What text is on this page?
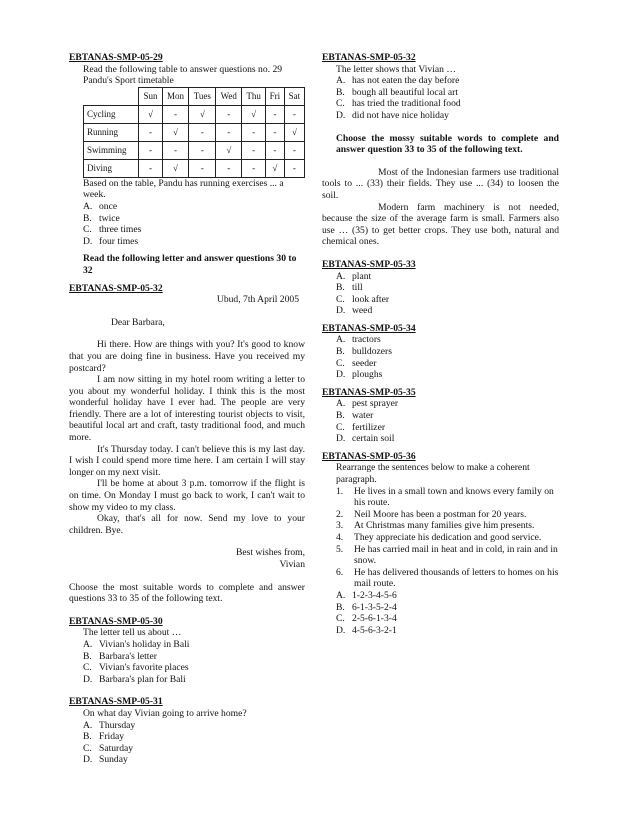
EBTANAS-SMP-05-29

Read the following table to answer questions no. 29

Pandu's Sport timetable

	Sun	Mon	Tues	Wed	Thu	Fri	Sat
Cycling	√	-	√	-	√	-	-
Running	-	√	-	-	-	-	√
Swimming	-	-	-	√	-	-	-
Diving	-	√	-	-	-	√	-

Based on the table, Pandu has running exercises ... a week.

A. once
B. twice
C. three times
D. four times

Read the following letter and answer questions 30 to 32

EBTANAS-SMP-05-32

Ubud, 7th April 2005

Dear Barbara,

Hi there. How are things with you? It's good to know that you are doing fine in business. Have you received my postcard?

I am now sitting in my hotel room writing a letter to you about my wonderful holiday. I think this is the most wonderful holiday have I ever had. The people are very friendly. There are a lot of interesting tourist objects to visit, beautiful local art and craft, tasty traditional food, and much more.

It's Thursday today. I can't believe this is my last day. I wish I could spend more time here. I am certain I will stay longer on my next visit.

I'll be home at about 3 p.m. tomorrow if the flight is on time. On Monday I must go back to work, I can't wait to show my video to my class.

Okay, that's all for now. Send my love to your children. Bye.

Best wishes from,

Vivian

Choose the most suitable words to complete and answer questions 33 to 35 of the following text.

EBTANAS-SMP-05-30

The letter tell us about …

A. Vivian's holiday in Bali
B. Barbara's letter
C. Vivian's favorite places
D. Barbara's plan for Bali

EBTANAS-SMP-05-31

On what day Vivian going to arrive home?

A. Thursday
B. Friday
C. Saturday
D. Sunday

EBTANAS-SMP-05-32

The letter shows that Vivian …

A. has not eaten the day before
B. bough all beautiful local art
C. has tried the traditional food
D. did not have nice holiday

Choose the mossy suitable words to complete and answer question 33 to 35 of the following text.

Most of the Indonesian farmers use traditional tools to ... (33) their fields. They use ... (34) to loosen the soil.

Modern farm machinery is not needed, because the size of the average farm is small. Farmers also use … (35) to get better crops. They use both, natural and chemical ones.

EBTANAS-SMP-05-33

A. plant
B. till
C. look after
D. weed

EBTANAS-SMP-05-34

A. tractors
B. bulldozers
C. seeder
D. ploughs

EBTANAS-SMP-05-35

A. pest sprayer
B. water
C. fertilizer
D. certain soil

EBTANAS-SMP-05-36

Rearrange the sentences below to make a coherent paragraph.

1.	He lives in a small town and knows every family on his route.
2.	Neil Moore has been a postman for 20 years.
3.	At Christmas many families give him presents.
4.	They appreciate his dedication and good service.
5.	He has carried mail in heat and in cold, in rain and in snow.
6.	He has delivered thousands of letters to homes on his mail route.
A. 1-2-3-4-5-6
B. 6-1-3-5-2-4
C. 2-5-6-1-3-4
D. 4-5-6-3-2-1
